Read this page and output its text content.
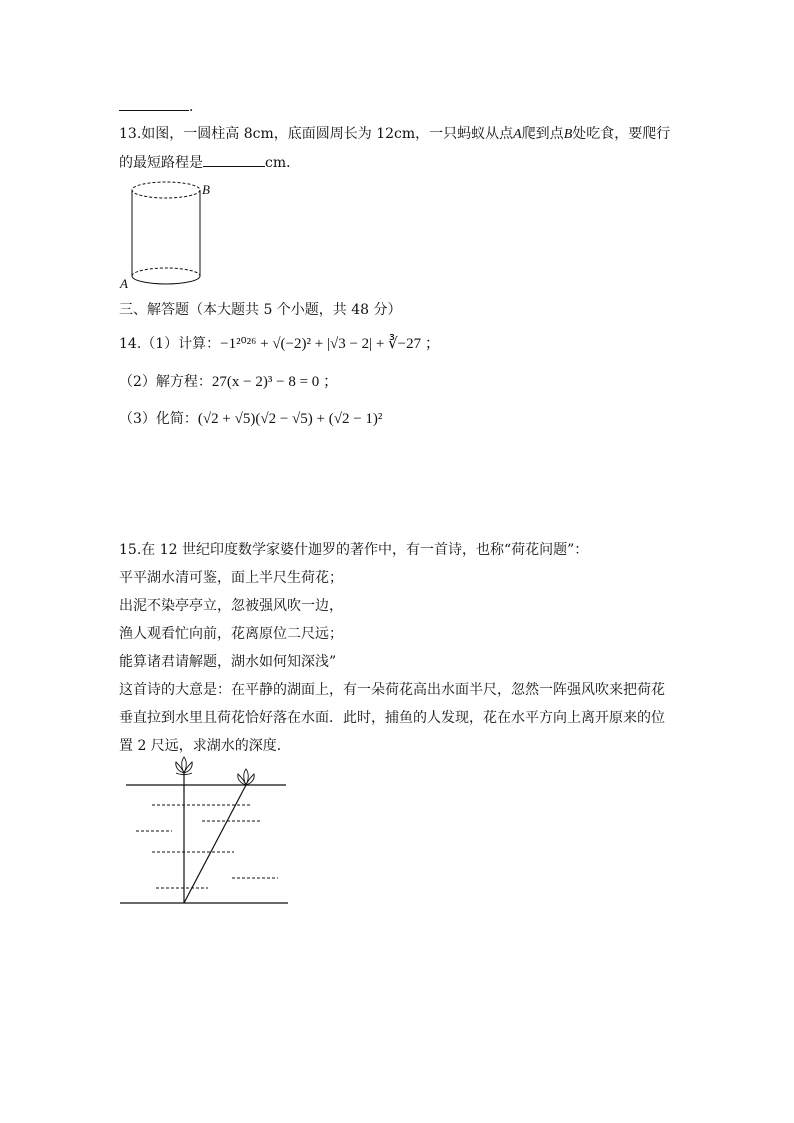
.
13.如图，一圆柱高 8cm，底面圆周长为 12cm，一只蚂蚁从点A爬到点B处吃食，要爬行
的最短路程是	cm．
B
A
三、解答题（本大题共 5 个小题，共 48 分）
14.（1）计算：−1²⁰²⁶ + √(−2)² + |√3 − 2| + ∛−27 ；
（2）解方程：27(x − 2)³ − 8 = 0 ；
（3）化简：(√2 + √5)(√2 − √5) + (√2 − 1)²
15.在 12 世纪印度数学家婆什迦罗的著作中，有一首诗，也称“荷花问题”：
平平湖水清可鉴，面上半尺生荷花；
出泥不染亭亭立，忽被强风吹一边，
渔人观看忙向前，花离原位二尺远；
能算诸君请解题，湖水如何知深浅”
这首诗的大意是：在平静的湖面上，有一朵荷花高出水面半尺，忽然一阵强风吹来把荷花
垂直拉到水里且荷花恰好落在水面．此时，捕鱼的人发现，花在水平方向上离开原来的位
置 2 尺远，求湖水的深度．
